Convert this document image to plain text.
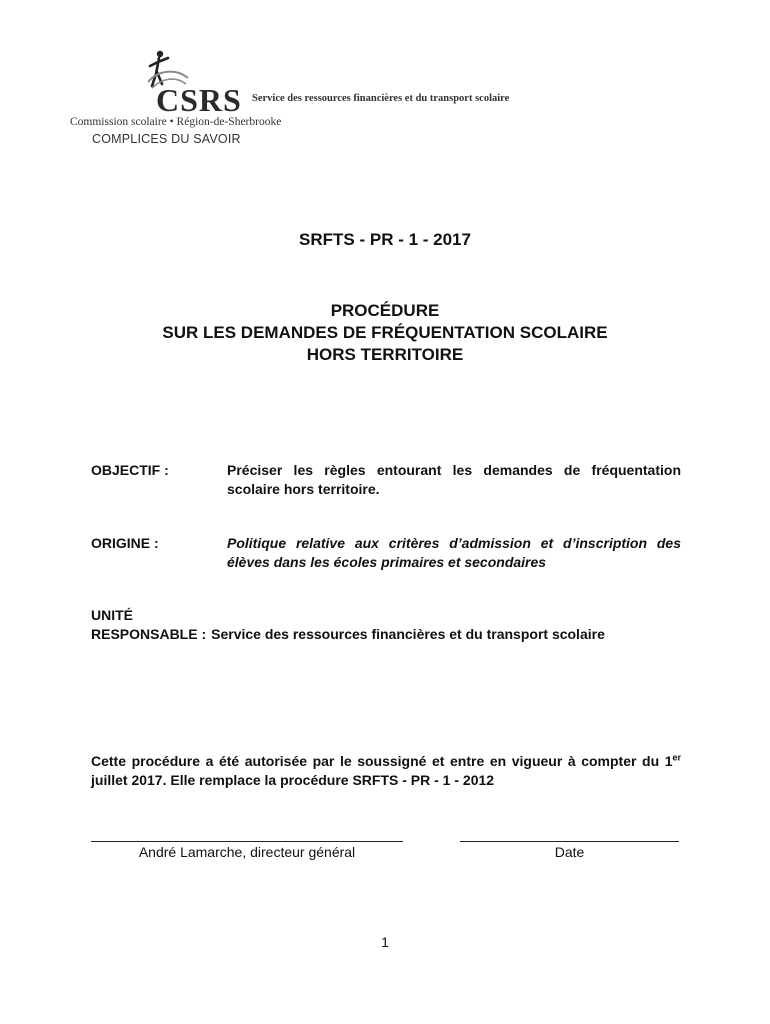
CSRS
Commission scolaire • Région-de-Sherbrooke
COMPLICES DU SAVOIR
Service des ressources financières et du transport scolaire
SRFTS - PR - 1 - 2017
PROCÉDURE
SUR LES DEMANDES DE FRÉQUENTATION SCOLAIRE
HORS TERRITOIRE
OBJECTIF :	Préciser les règles entourant les demandes de fréquentation scolaire hors territoire.
ORIGINE :	Politique relative aux critères d’admission et d’inscription des élèves dans les écoles primaires et secondaires
UNITÉ
RESPONSABLE : Service des ressources financières et du transport scolaire
Cette procédure a été autorisée par le soussigné et entre en vigueur à compter du 1er juillet 2017. Elle remplace la procédure SRFTS - PR - 1 - 2012
André Lamarche, directeur général	Date
1
